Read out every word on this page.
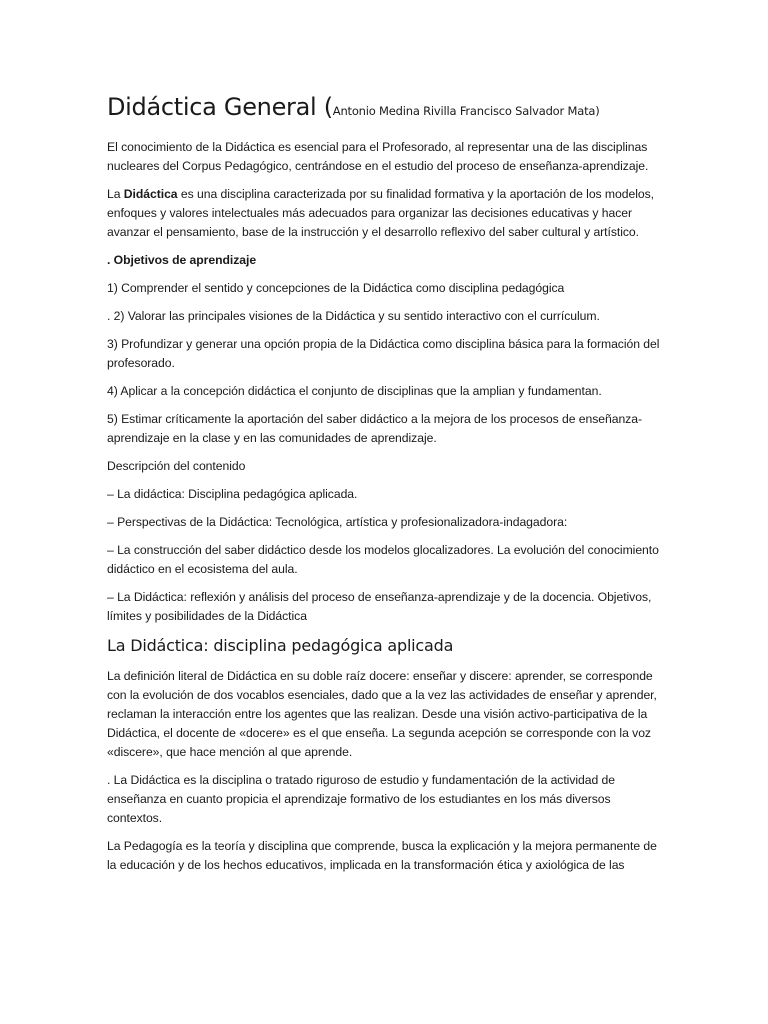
Didáctica General (Antonio Medina Rivilla Francisco Salvador Mata)

El conocimiento de la Didáctica es esencial para el Profesorado, al representar una de las disciplinas nucleares del Corpus Pedagógico, centrándose en el estudio del proceso de enseñanza-aprendizaje.

La Didáctica es una disciplina caracterizada por su finalidad formativa y la aportación de los modelos, enfoques y valores intelectuales más adecuados para organizar las decisiones educativas y hacer avanzar el pensamiento, base de la instrucción y el desarrollo reflexivo del saber cultural y artístico.

. Objetivos de aprendizaje

1) Comprender el sentido y concepciones de la Didáctica como disciplina pedagógica

. 2) Valorar las principales visiones de la Didáctica y su sentido interactivo con el currículum.

3) Profundizar y generar una opción propia de la Didáctica como disciplina básica para la formación del profesorado.

4) Aplicar a la concepción didáctica el conjunto de disciplinas que la amplian y fundamentan.

5) Estimar críticamente la aportación del saber didáctico a la mejora de los procesos de enseñanza-aprendizaje en la clase y en las comunidades de aprendizaje.

Descripción del contenido

– La didáctica: Disciplina pedagógica aplicada.

– Perspectivas de la Didáctica: Tecnológica, artística y profesionalizadora-indagadora:

– La construcción del saber didáctico desde los modelos glocalizadores. La evolución del conocimiento didáctico en el ecosistema del aula.

– La Didáctica: reflexión y análisis del proceso de enseñanza-aprendizaje y de la docencia. Objetivos, límites y posibilidades de la Didáctica

La Didáctica: disciplina pedagógica aplicada

La definición literal de Didáctica en su doble raíz docere: enseñar y discere: aprender, se corresponde con la evolución de dos vocablos esenciales, dado que a la vez las actividades de enseñar y aprender, reclaman la interacción entre los agentes que las realizan. Desde una visión activo-participativa de la Didáctica, el docente de «docere» es el que enseña. La segunda acepción se corresponde con la voz «discere», que hace mención al que aprende.

. La Didáctica es la disciplina o tratado riguroso de estudio y fundamentación de la actividad de enseñanza en cuanto propicia el aprendizaje formativo de los estudiantes en los más diversos contextos.

La Pedagogía es la teoría y disciplina que comprende, busca la explicación y la mejora permanente de la educación y de los hechos educativos, implicada en la transformación ética y axiológica de las
